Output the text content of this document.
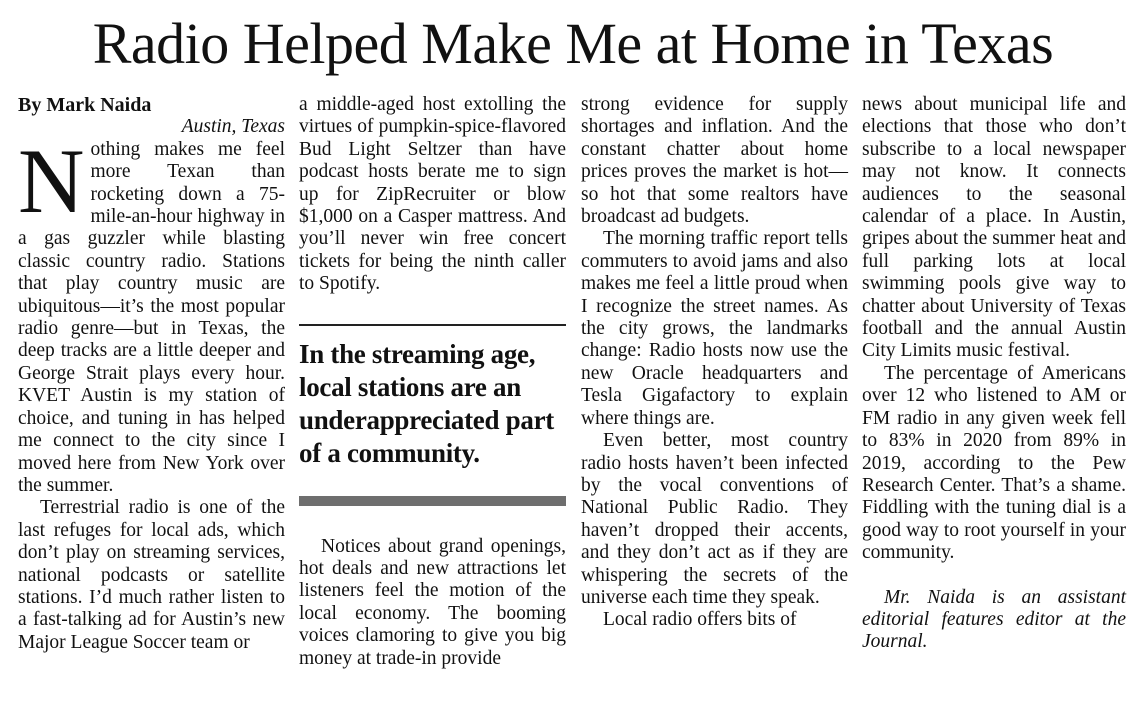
Radio Helped Make Me at Home in Texas

By Mark Naida

Austin, Texas

Nothing makes me feel more Texan than rocketing down a 75-mile-an-hour highway in a gas guzzler while blasting classic country radio. Stations that play country music are ubiquitous—it’s the most popular radio genre—but in Texas, the deep tracks are a little deeper and George Strait plays every hour. KVET Austin is my station of choice, and tuning in has helped me connect to the city since I moved here from New York over the summer.

Terrestrial radio is one of the last refuges for local ads, which don’t play on streaming services, national podcasts or satellite stations. I’d much rather listen to a fast-talking ad for Austin’s new Major League Soccer team or

a middle-aged host extolling the virtues of pumpkin-spice-flavored Bud Light Seltzer than have podcast hosts berate me to sign up for ZipRecruiter or blow $1,000 on a Casper mattress. And you’ll never win free concert tickets for being the ninth caller to Spotify.

In the streaming age, local stations are an underappreciated part of a community.

Notices about grand openings, hot deals and new attractions let listeners feel the motion of the local economy. The booming voices clamoring to give you big money at trade-in provide

strong evidence for supply shortages and inflation. And the constant chatter about home prices proves the market is hot—so hot that some realtors have broadcast ad budgets.

The morning traffic report tells commuters to avoid jams and also makes me feel a little proud when I recognize the street names. As the city grows, the landmarks change: Radio hosts now use the new Oracle headquarters and Tesla Gigafactory to explain where things are.

Even better, most country radio hosts haven’t been infected by the vocal conventions of National Public Radio. They haven’t dropped their accents, and they don’t act as if they are whispering the secrets of the universe each time they speak.

Local radio offers bits of

news about municipal life and elections that those who don’t subscribe to a local newspaper may not know. It connects audiences to the seasonal calendar of a place. In Austin, gripes about the summer heat and full parking lots at local swimming pools give way to chatter about University of Texas football and the annual Austin City Limits music festival.

The percentage of Americans over 12 who listened to AM or FM radio in any given week fell to 83% in 2020 from 89% in 2019, according to the Pew Research Center. That’s a shame. Fiddling with the tuning dial is a good way to root yourself in your community.

Mr. Naida is an assistant editorial features editor at the Journal.
